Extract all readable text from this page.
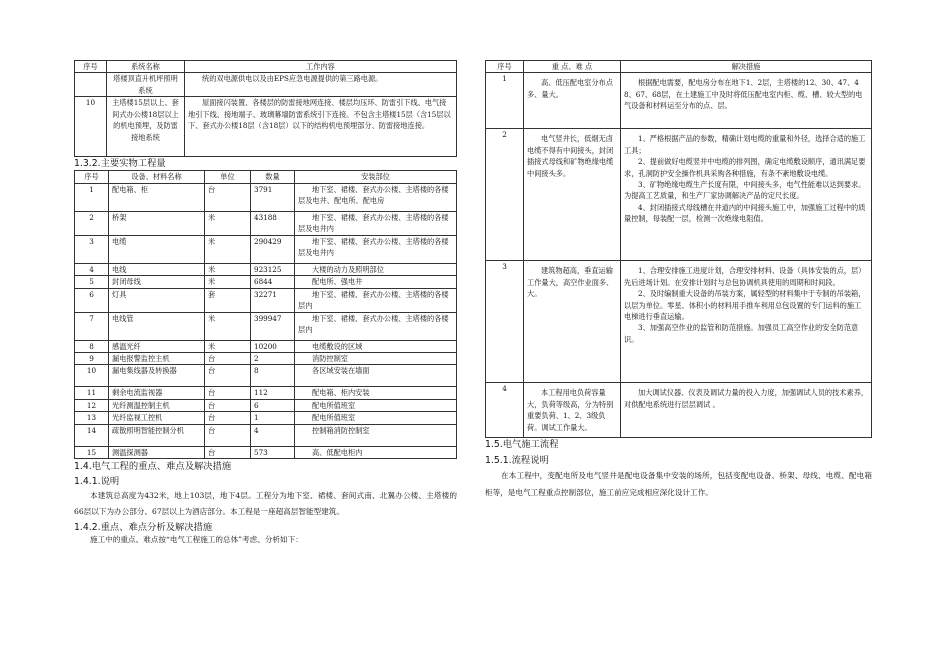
序号	系统名称	工作内容
	塔楼顶直升机坪照明系统	统的双电源供电以及由EPS应急电源提供的第三路电源。
10	主塔楼15层以上、套间式办公楼18层以上的机电预埋，及防雷接地系统	屋面接闪装置、各楼层的防雷接地网连接、楼层均压环、防雷引下线、电气接地引下线、接地端子、玻璃幕墙防雷系统引下连接。不包含主塔楼15层（含15层以下、套式办公楼18层（含18层）以下的结构机电预埋部分、防雷接地连接。
1.3.2.主要实物工程量
序号	设备、材料名称	单位	数量	安装部位
1	配电箱、柜	台	3791	地下室、裙楼、套式办公楼、主塔楼的各楼层及电井、配电所、配电房
2	桥架	米	43188	地下室、裙楼、套式办公楼、主塔楼的各楼层及电井内
3	电缆	米	290429	地下室、裙楼、套式办公楼、主塔楼的各楼层及电井内
4	电线	米	923125	大楼的动力及照明部位
5	封闭母线	米	6844	配电所、强电井
6	灯具	套	32271	地下室、裙楼、套式办公楼、主塔楼的各楼层内
7	电线管	米	399947	地下室、裙楼、套式办公楼、主塔楼的各楼层内
8	感温光纤	米	10200	电缆敷设的区域
9	漏电报警监控主机	台	2	消防控制室
10	漏电集线器及转换器	台	8	各区域安装在墙面
11	剩余电流监视器	台	112	配电箱、柜内安装
12	光纤测温控制主机	台	6	配电所值班室
13	光纤监视工控机	台	1	配电所值班室
14	疏散照明智能控制分机	台	4	控制箱消防控制室
15	测温探测器	台	573	高、低配电柜内
1.4.电气工程的重点、难点及解决措施
1.4.1.说明

本建筑总高度为432米，地上103层，地下4层。工程分为地下室、裙楼、套间式南、北翼办公楼、主塔楼的66层以下为办公部分、67层以上为酒店部分。本工程是一座超高层智能型建筑。

1.4.2.重点、难点分析及解决措施

施工中的重点、难点按“电气工程施工的总体”考虑、分析如下：

序号	重 点、难 点	解决措施
1	高、低压配电室分布点多、量大。	根据配电需要，配电房分布在地下1、2层，主塔楼的12、30、47、48、67、68层，在土建施工中及时将低压配电室内柜、缆、槽、较大型的电气设备和材料运至分布的点、层。

2	电气竖井长，低烟无卤电缆不得有中间接头，封闭插接式母线和矿物绝缘电缆中间接头多。	1、严格根据产品的参数，精确计划电缆的重量和外径，选择合适的施工工具；
2、提前做好电缆竖井中电缆的排列图，确定电缆敷设顺序，通讯满足要求，孔洞防护安全操作机具采购各种措施，有条不紊地敷设电缆。
3、矿物绝缘电缆生产长度有限，中间接头多，电气性能难以达到要求。为提高工艺质量，和生产厂家协调解决产品的定尺长度。
4、封闭插接式母线槽在井道内的中间接头施工中，加强施工过程中的质量控制，每装配一层，检测一次绝缘电阻值。

3	建筑物超高，垂直运输工作量大，高空作业面多、大。	1、合理安排施工进度计划，合理安排材料、设备（具体安装的点，层）先后进场计划。在安排计划时与总包协调机具使用的周期和时间段。
2、及时编制重大设备的吊装方案，属轻型的材料集中于专制的吊装箱，以层为单位。零星、体积小的材料用手推车利用总包设置的专门运料的施工电梯进行垂直运输。
3、加强高空作业的监管和防范措施。加强员工高空作业的安全防范意识。

4	本工程用电负荷容量大，负荷等级高，分为特别重要负荷、1、2、3级负荷。调试工作量大。	加大调试仪器、仪表及调试力量的投入力度，加强调试人员的技术素养，对供配电系统进行层层调试 。
1.5.电气施工流程
1.5.1.流程说明

在本工程中，变配电所及电气竖井是配电设备集中安装的场所，包括变配电设备、桥架、母线、电缆、配电箱柜等，是电气工程重点控制部位，施工前应完成相应深化设计工作。
